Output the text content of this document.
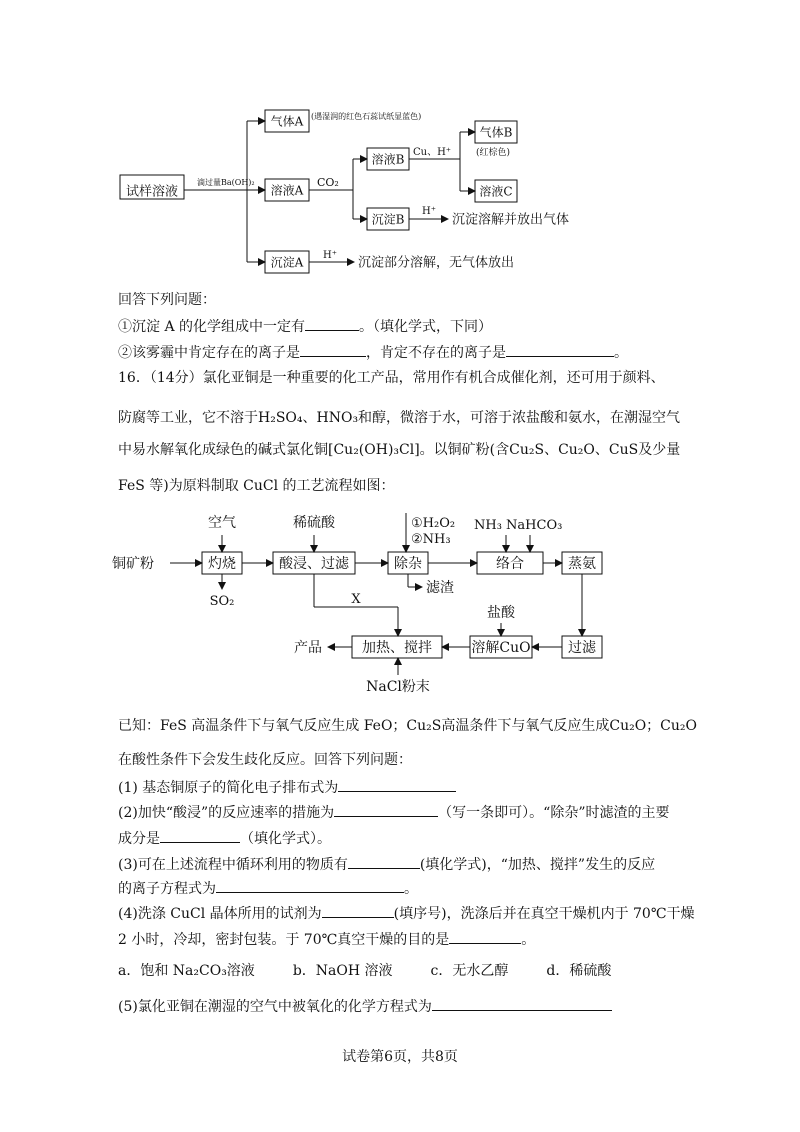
试样溶液
滴过量Ba(OH)₂
气体A (遇湿润的红色石蕊试纸显蓝色)
溶液A
CO₂
溶液B Cu、H⁺
气体B
(红棕色)
溶液C
沉淀B
H⁺
沉淀溶解并放出气体
沉淀A H⁺ 沉淀部分溶解，无气体放出
回答下列问题：
①沉淀 A 的化学组成中一定有	。（填化学式，下同）
②该雾霾中肯定存在的离子是	，肯定不存在的离子是	。
16．（14分）氯化亚铜是一种重要的化工产品，常用作有机合成催化剂，还可用于颜料、
防腐等工业，它不溶于H₂SO₄、HNO₃和醇，微溶于水，可溶于浓盐酸和氨水，在潮湿空气
中易水解氧化成绿色的碱式氯化铜[Cu₂(OH)₃Cl]。以铜矿粉(含Cu₂S、Cu₂O、CuS及少量
FeS 等)为原料制取 CuCl 的工艺流程如图：
空气	稀硫酸	①H₂O₂
②NH₃
NH₃ NaHCO₃
铜矿粉	灼烧	酸浸、过滤	除杂	络合	蒸氨
SO₂
滤渣
X
盐酸
产品	加热、搅拌	溶解CuO	过滤
NaCl粉末
已知：FeS 高温条件下与氧气反应生成 FeO；Cu₂S高温条件下与氧气反应生成Cu₂O；Cu₂O
在酸性条件下会发生歧化反应。回答下列问题：
(1) 基态铜原子的简化电子排布式为
(2)加快“酸浸”的反应速率的措施为	（写一条即可）。“除杂”时滤渣的主要
成分是	（填化学式）。
(3)可在上述流程中循环利用的物质有	(填化学式)，“加热、搅拌”发生的反应
的离子方程式为	。
(4)洗涤 CuCl 晶体所用的试剂为	(填序号)，洗涤后并在真空干燥机内于 70℃干燥
2 小时，冷却，密封包装。于 70℃真空干燥的目的是	。
a．饱和 Na₂CO₃溶液	b．NaOH 溶液	c．无水乙醇	d．稀硫酸
(5)氯化亚铜在潮湿的空气中被氧化的化学方程式为
试卷第6页，共8页
